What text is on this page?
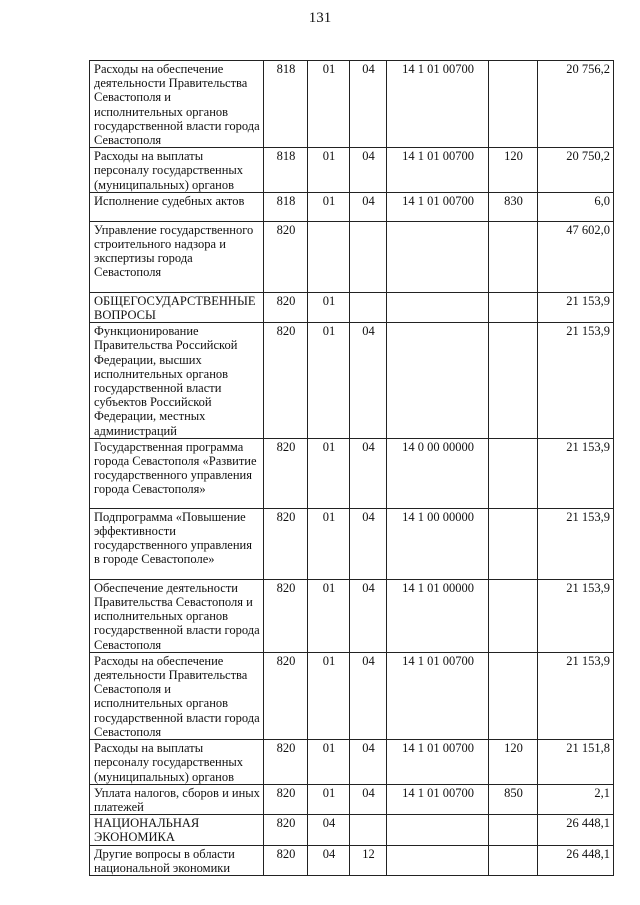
131
Расходы на обеспечение деятельности Правительства Севастополя и исполнительных органов государственной власти города Севастополя	818	01	04	14 1 01 00700		20 756,2
Расходы на выплаты персоналу государственных (муниципальных) органов	818	01	04	14 1 01 00700	120	20 750,2
Исполнение судебных актов	818	01	04	14 1 01 00700	830	6,0
Управление государственного строительного надзора и экспертизы города Севастополя	820					47 602,0
ОБЩЕГОСУДАРСТВЕННЫЕ ВОПРОСЫ	820	01				21 153,9
Функционирование Правительства Российской Федерации, высших исполнительных органов государственной власти субъектов Российской Федерации, местных администраций	820	01	04			21 153,9
Государственная программа города Севастополя «Развитие государственного управления города Севастополя»	820	01	04	14 0 00 00000		21 153,9
Подпрограмма «Повышение эффективности государственного управления в городе Севастополе»	820	01	04	14 1 00 00000		21 153,9
Обеспечение деятельности Правительства Севастополя и исполнительных органов государственной власти города Севастополя	820	01	04	14 1 01 00000		21 153,9
Расходы на обеспечение деятельности Правительства Севастополя и исполнительных органов государственной власти города Севастополя	820	01	04	14 1 01 00700		21 153,9
Расходы на выплаты персоналу государственных (муниципальных) органов	820	01	04	14 1 01 00700	120	21 151,8
Уплата налогов, сборов и иных платежей	820	01	04	14 1 01 00700	850	2,1
НАЦИОНАЛЬНАЯ ЭКОНОМИКА	820	04				26 448,1
Другие вопросы в области национальной экономики	820	04	12			26 448,1
